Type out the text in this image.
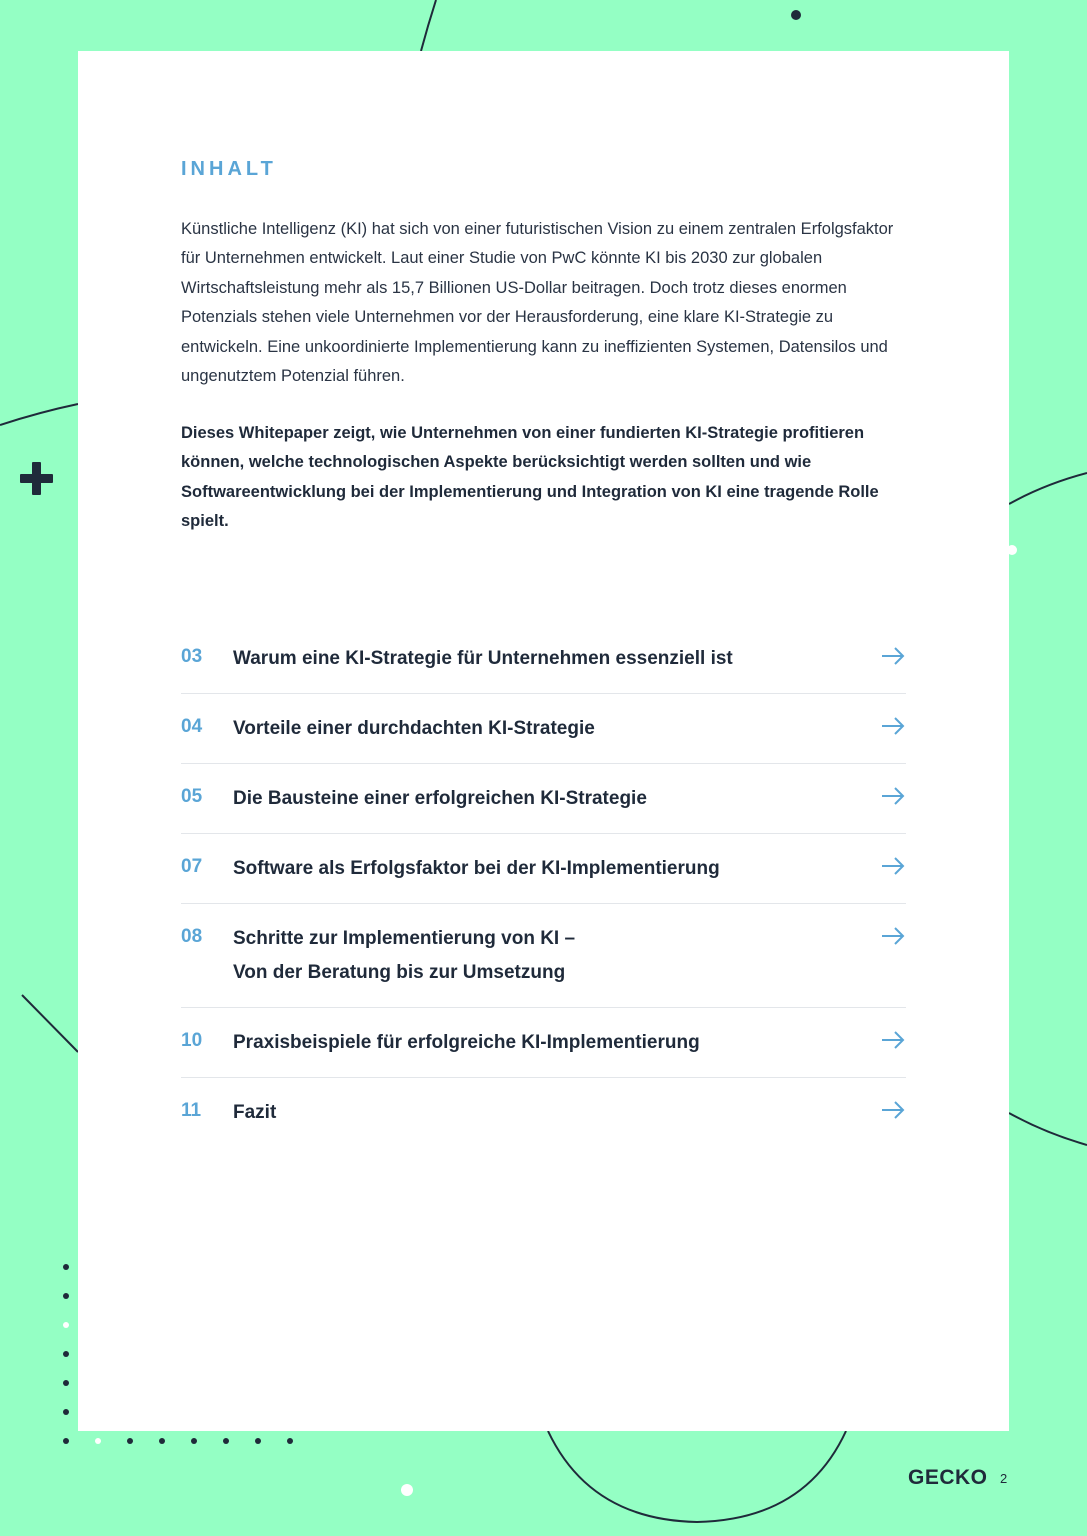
INHALT
Künstliche Intelligenz (KI) hat sich von einer futuristischen Vision zu einem zentralen Erfolgsfaktor für Unternehmen entwickelt. Laut einer Studie von PwC könnte KI bis 2030 zur globalen Wirtschaftsleistung mehr als 15,7 Billionen US-Dollar beitragen. Doch trotz dieses enormen Potenzials stehen viele Unternehmen vor der Herausforderung, eine klare KI-Strategie zu entwickeln. Eine unkoordinierte Implementierung kann zu ineffizienten Systemen, Datensilos und ungenutztem Potenzial führen.
Dieses Whitepaper zeigt, wie Unternehmen von einer fundierten KI-Strategie profitieren können, welche technologischen Aspekte berücksichtigt werden sollten und wie Softwareentwicklung bei der Implementierung und Integration von KI eine tragende Rolle spielt.
03 Warum eine KI-Strategie für Unternehmen essenziell ist
04 Vorteile einer durchdachten KI-Strategie
05 Die Bausteine einer erfolgreichen KI-Strategie
07 Software als Erfolgsfaktor bei der KI-Implementierung
08 Schritte zur Implementierung von KI –
Von der Beratung bis zur Umsetzung
10 Praxisbeispiele für erfolgreiche KI-Implementierung
11 Fazit
GECKO 2
